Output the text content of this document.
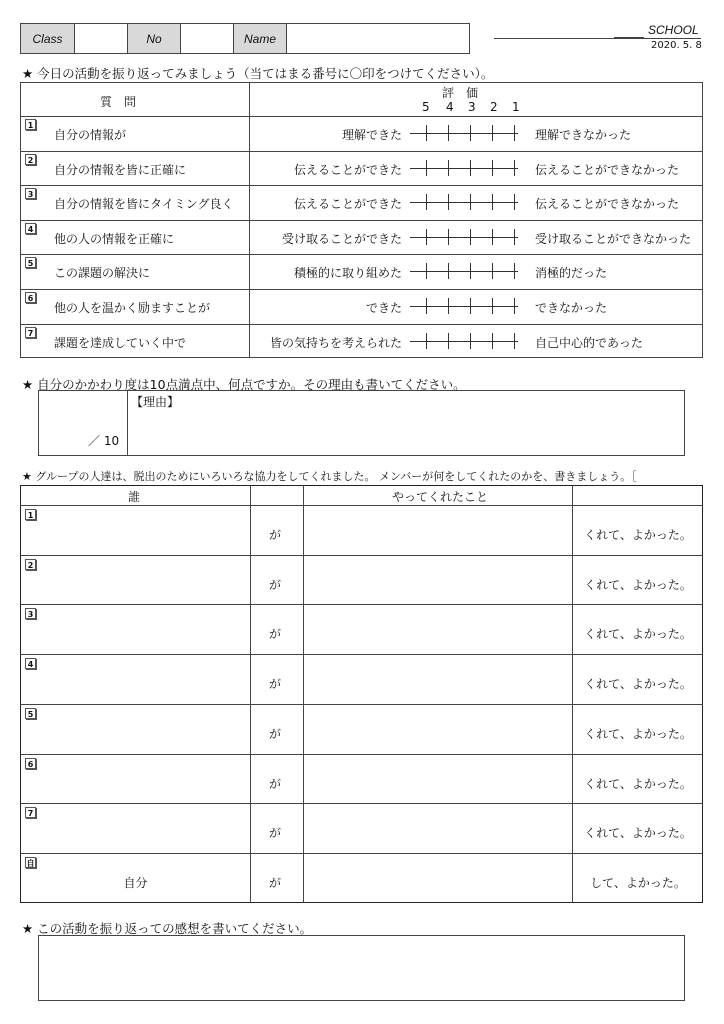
Class	No	Name
SCHOOL
2020. 5. 8
★ 今日の活動を振り返ってみましょう（当てはまる番号に〇印をつけてください）。
質　問
評　価
5 4 3 2 1
1
自分の情報が	理解できた	理解できなかった
2
自分の情報を皆に正確に	伝えることができた	伝えることができなかった
3
自分の情報を皆にタイミング良く	伝えることができた	伝えることができなかった
4
他の人の情報を正確に	受け取ることができた	受け取ることができなかった
5
この課題の解決に	積極的に取り組めた	消極的だった
6
他の人を温かく励ますことが	できた	できなかった
7
課題を達成していく中で	皆の気持ちを考えられた	自己中心的であった
★ 自分のかかわり度は10点満点中、何点ですか。その理由も書いてください。
／ 10
【理由】
★ グループの人達は、脱出のためにいろいろな協力をしてくれました。 メンバーが何をしてくれたのかを、書きましょう。［
誰	やってくれたこと
1
が	くれて、よかった。
2
が	くれて、よかった。
3
が	くれて、よかった。
4
が	くれて、よかった。
5
が	くれて、よかった。
6
が	くれて、よかった。
7
が	くれて、よかった。
自
自分	が	して、よかった。
★ この活動を振り返っての感想を書いてください。
